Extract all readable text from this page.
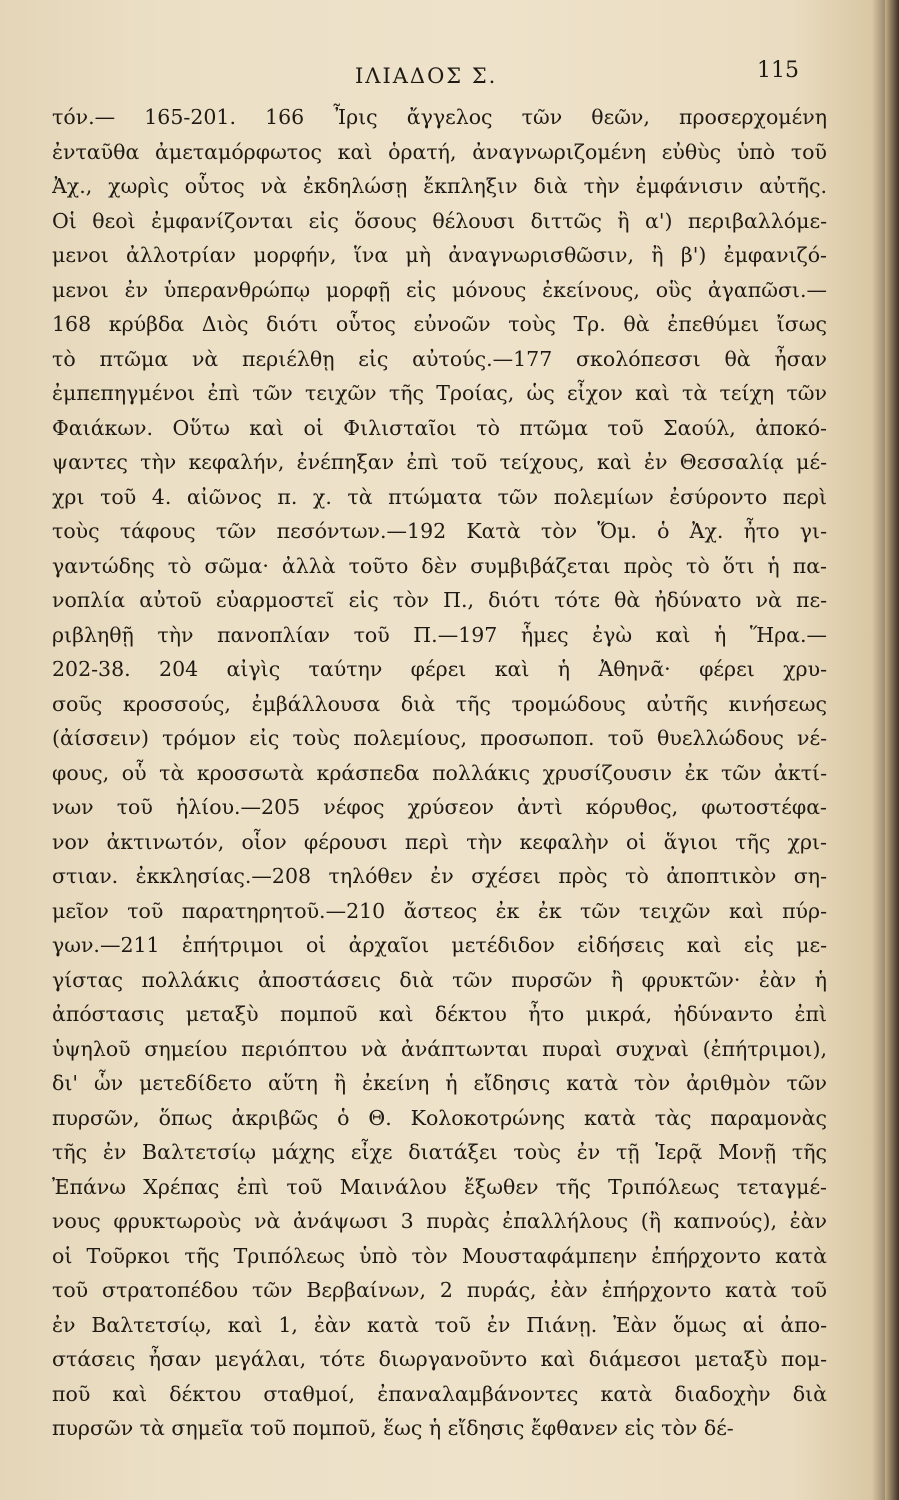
ΙΛΙΑΔΟΣ Σ.	115
τόν.— 165-201. 166 Ἶρις ἄγγελος τῶν θεῶν, προσερχομένη
ἐνταῦθα ἀμεταμόρφωτος καὶ ὁρατή, ἀναγνωριζομένη εὐθὺς ὑπὸ τοῦ
Ἀχ., χωρὶς οὗτος νὰ ἐκδηλώσῃ ἔκπληξιν διὰ τὴν ἐμφάνισιν αὐτῆς.
Οἱ θεοὶ ἐμφανίζονται εἰς ὅσους θέλουσι διττῶς ἢ α') περιβαλλόμε-
μενοι ἀλλοτρίαν μορφήν, ἵνα μὴ ἀναγνωρισθῶσιν, ἢ β') ἐμφανιζό-
μενοι ἐν ὑπερανθρώπῳ μορφῇ εἰς μόνους ἐκείνους, οὓς ἀγαπῶσι.—
168 κρύβδα Διὸς διότι οὗτος εὐνοῶν τοὺς Τρ. θὰ ἐπεθύμει ἴσως
τὸ πτῶμα νὰ περιέλθῃ εἰς αὐτούς.—177 σκολόπεσσι θὰ ἦσαν
ἐμπεπηγμένοι ἐπὶ τῶν τειχῶν τῆς Τροίας, ὡς εἶχον καὶ τὰ τείχη τῶν
Φαιάκων. Οὕτω καὶ οἱ Φιλισταῖοι τὸ πτῶμα τοῦ Σαούλ, ἀποκό-
ψαντες τὴν κεφαλήν, ἐνέπηξαν ἐπὶ τοῦ τείχους, καὶ ἐν Θεσσαλίᾳ μέ-
χρι τοῦ 4. αἰῶνος π. χ. τὰ πτώματα τῶν πολεμίων ἐσύροντο περὶ
τοὺς τάφους τῶν πεσόντων.—192 Κατὰ τὸν Ὅμ. ὁ Ἀχ. ἦτο γι-
γαντώδης τὸ σῶμα· ἀλλὰ τοῦτο δὲν συμβιβάζεται πρὸς τὸ ὅτι ἡ πα-
νοπλία αὐτοῦ εὐαρμοστεῖ εἰς τὸν Π., διότι τότε θὰ ἠδύνατο νὰ πε-
ριβληθῇ τὴν πανοπλίαν τοῦ Π.—197 ἧμες ἐγὼ καὶ ἡ Ἥρα.—
202-38. 204 αἰγὶς ταύτην φέρει καὶ ἡ Ἀθηνᾶ· φέρει χρυ-
σοῦς κροσσούς, ἐμβάλλουσα διὰ τῆς τρομώδους αὐτῆς κινήσεως
(ἀίσσειν) τρόμον εἰς τοὺς πολεμίους, προσωποπ. τοῦ θυελλώδους νέ-
φους, οὗ τὰ κροσσωτὰ κράσπεδα πολλάκις χρυσίζουσιν ἐκ τῶν ἀκτί-
νων τοῦ ἡλίου.—205 νέφος χρύσεον ἀντὶ κόρυθος, φωτοστέφα-
νον ἀκτινωτόν, οἷον φέρουσι περὶ τὴν κεφαλὴν οἱ ἅγιοι τῆς χρι-
στιαν. ἐκκλησίας.—208 τηλόθεν ἐν σχέσει πρὸς τὸ ἀποπτικὸν ση-
μεῖον τοῦ παρατηρητοῦ.—210 ἄστεος ἐκ ἐκ τῶν τειχῶν καὶ πύρ-
γων.—211 ἐπήτριμοι οἱ ἀρχαῖοι μετέδιδον εἰδήσεις καὶ εἰς με-
γίστας πολλάκις ἀποστάσεις διὰ τῶν πυρσῶν ἢ φρυκτῶν· ἐὰν ἡ
ἀπόστασις μεταξὺ πομποῦ καὶ δέκτου ἦτο μικρά, ἠδύναντο ἐπὶ
ὑψηλοῦ σημείου περιόπτου νὰ ἀνάπτωνται πυραὶ συχναὶ (ἐπήτριμοι),
δι' ὧν μετεδίδετο αὕτη ἢ ἐκείνη ἡ εἴδησις κατὰ τὸν ἀριθμὸν τῶν
πυρσῶν, ὅπως ἀκριβῶς ὁ Θ. Κολοκοτρώνης κατὰ τὰς παραμονὰς
τῆς ἐν Βαλτετσίῳ μάχης εἶχε διατάξει τοὺς ἐν τῇ Ἱερᾷ Μονῇ τῆς
Ἐπάνω Χρέπας ἐπὶ τοῦ Μαινάλου ἔξωθεν τῆς Τριπόλεως τεταγμέ-
νους φρυκτωροὺς νὰ ἀνάψωσι 3 πυρὰς ἐπαλλήλους (ἢ καπνούς), ἐὰν
οἱ Τοῦρκοι τῆς Τριπόλεως ὑπὸ τὸν Μουσταφάμπεην ἐπήρχοντο κατὰ
τοῦ στρατοπέδου τῶν Βερβαίνων, 2 πυράς, ἐὰν ἐπήρχοντο κατὰ τοῦ
ἐν Βαλτετσίῳ, καὶ 1, ἐὰν κατὰ τοῦ ἐν Πιάνῃ. Ἐὰν ὅμως αἱ ἀπο-
στάσεις ἦσαν μεγάλαι, τότε διωργανοῦντο καὶ διάμεσοι μεταξὺ πομ-
ποῦ καὶ δέκτου σταθμοί, ἐπαναλαμβάνοντες κατὰ διαδοχὴν διὰ
πυρσῶν τὰ σημεῖα τοῦ πομποῦ, ἕως ἡ εἴδησις ἔφθανεν εἰς τὸν δέ-
